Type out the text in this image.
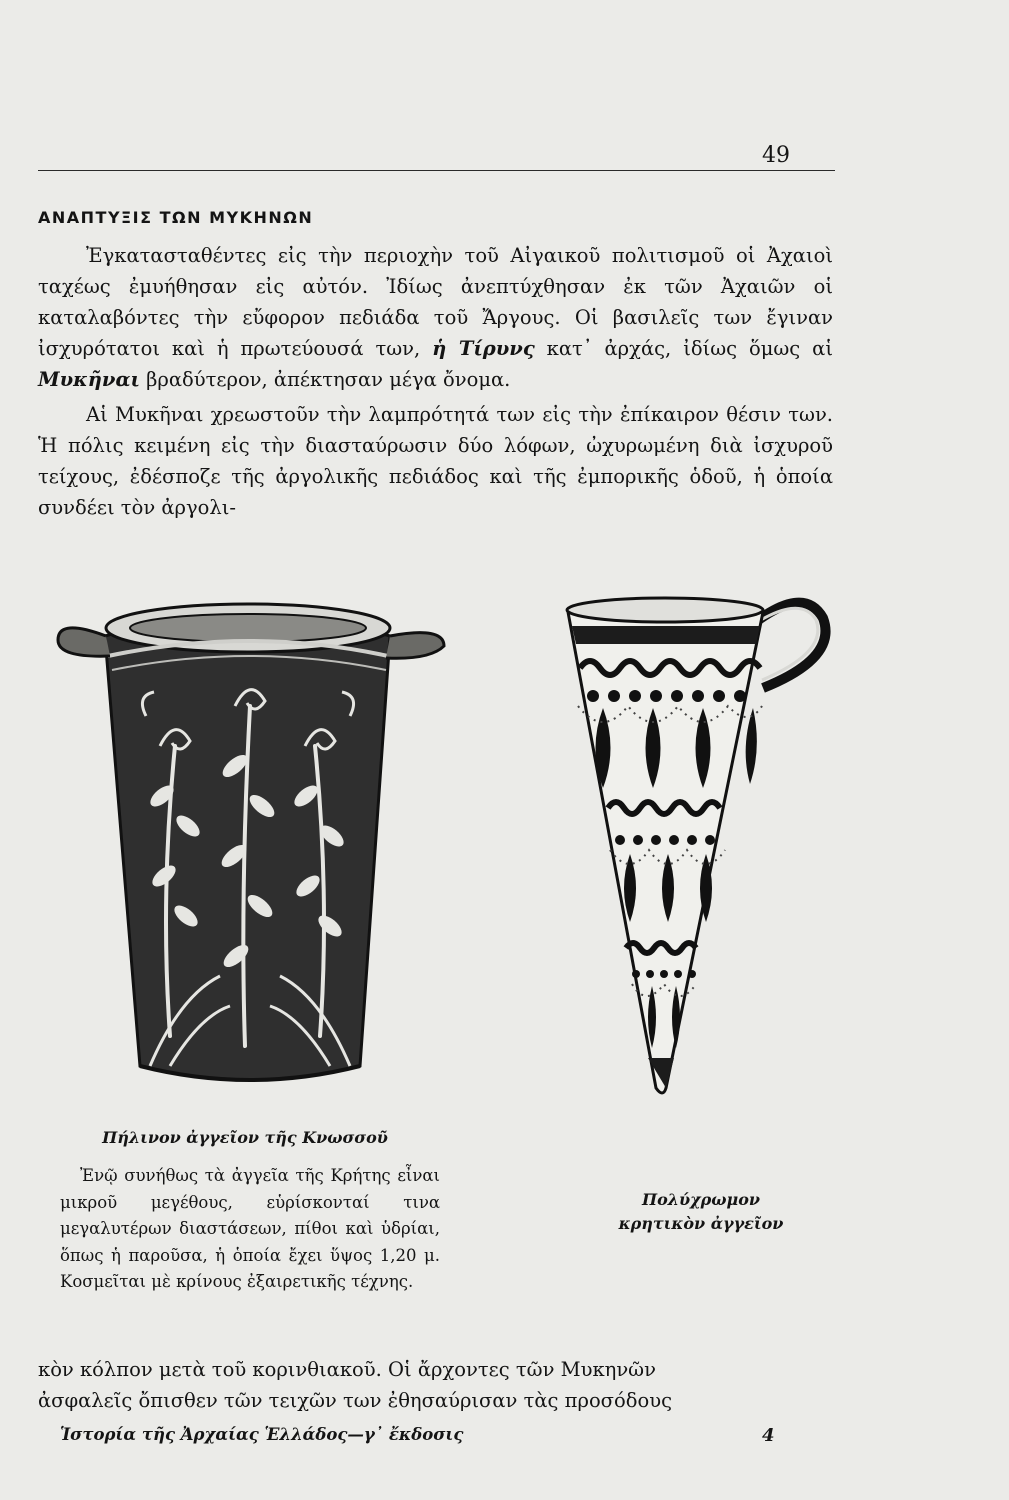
49
ΑΝΑΠΤΥΞΙΣ ΤΩΝ ΜΥΚΗΝΩΝ

Ἐγκατασταθέντες εἰς τὴν περιοχὴν τοῦ Αἰγαικοῦ πολιτισμοῦ οἱ Ἀχαιοὶ ταχέως ἐμυήθησαν εἰς αὐτόν. Ἰδίως ἀνεπτύχθησαν ἐκ τῶν Ἀχαιῶν οἱ καταλαβόντες τὴν εὔφορον πεδιάδα τοῦ Ἄργους. Οἱ βασιλεῖς των ἔγιναν ἰσχυρότατοι καὶ ἡ πρωτεύουσά των, ἡ Τίρυνς κατ᾽ ἀρχάς, ἰδίως ὅμως αἱ Μυκῆναι βραδύτερον, ἀπέκτησαν μέγα ὄνομα.

Αἱ Μυκῆναι χρεωστοῦν τὴν λαμπρότητά των εἰς τὴν ἐπίκαιρον θέσιν των. Ἡ πόλις κειμένη εἰς τὴν διασταύρωσιν δύο λόφων, ὠχυρωμένη διὰ ἰσχυροῦ τείχους, ἐδέσποζε τῆς ἀργολικῆς πεδιάδος καὶ τῆς ἐμπορικῆς ὁδοῦ, ἡ ὁποία συνδέει τὸν ἀργολι-

Πήλινον ἀγγεῖον τῆς Κνωσσοῦ
Πολύχρωμον
κρητικὸν ἀγγεῖον

Ἐνῷ συνήθως τὰ ἀγγεῖα τῆς Κρήτης εἶναι μικροῦ μεγέθους, εὑρίσκονταί τινα μεγαλυτέρων διαστάσεων, πίθοι καὶ ὑδρίαι, ὅπως ἡ παροῦσα, ἡ ὁποία ἔχει ὕψος 1,20 μ. Κοσμεῖται μὲ κρίνους ἐξαιρετικῆς τέχνης.

κὸν κόλπον μετὰ τοῦ κορινθιακοῦ. Οἱ ἄρχοντες τῶν Μυκηνῶν

ἀσφαλεῖς ὄπισθεν τῶν τειχῶν των ἐθησαύρισαν τὰς προσόδους

Ἱστορία τῆς Ἀρχαίας Ἑλλάδος—γ᾽ ἔκδοσις	4
